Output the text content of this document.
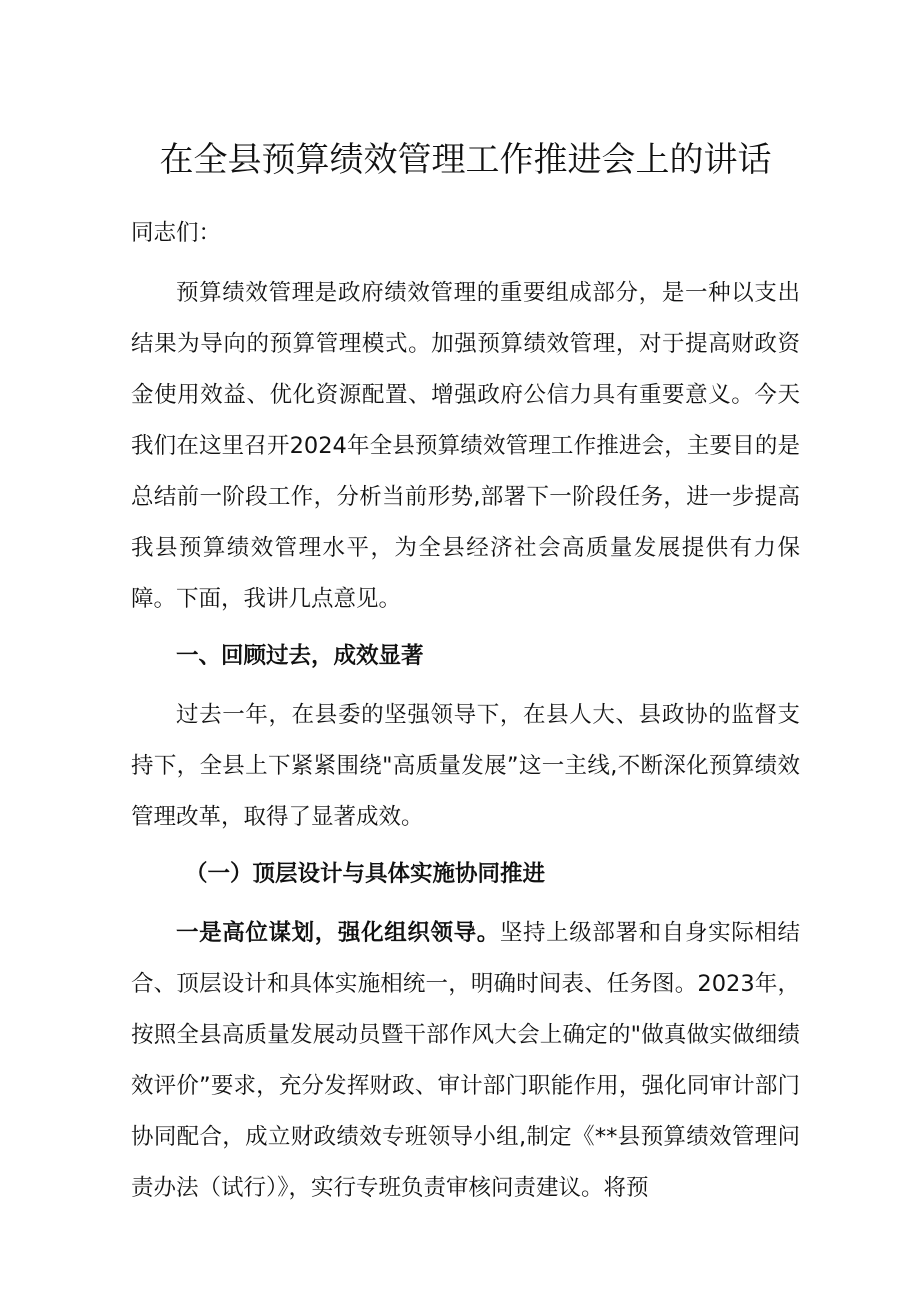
在全县预算绩效管理工作推进会上的讲话

同志们：

预算绩效管理是政府绩效管理的重要组成部分，是一种以支出结果为导向的预算管理模式。加强预算绩效管理，对于提高财政资金使用效益、优化资源配置、增强政府公信力具有重要意义。今天我们在这里召开2024年全县预算绩效管理工作推进会，主要目的是总结前一阶段工作，分析当前形势,部署下一阶段任务，进一步提高我县预算绩效管理水平，为全县经济社会高质量发展提供有力保障。下面，我讲几点意见。

一、回顾过去，成效显著

过去一年，在县委的坚强领导下，在县人大、县政协的监督支持下，全县上下紧紧围绕"高质量发展”这一主线,不断深化预算绩效管理改革，取得了显著成效。

（一）顶层设计与具体实施协同推进

一是高位谋划，强化组织领导。坚持上级部署和自身实际相结合、顶层设计和具体实施相统一，明确时间表、任务图。2023年，按照全县高质量发展动员暨干部作风大会上确定的"做真做实做细绩效评价”要求，充分发挥财政、审计部门职能作用，强化同审计部门协同配合，成立财政绩效专班领导小组,制定《**县预算绩效管理问责办法（试行）》，实行专班负责审核问责建议。将预
